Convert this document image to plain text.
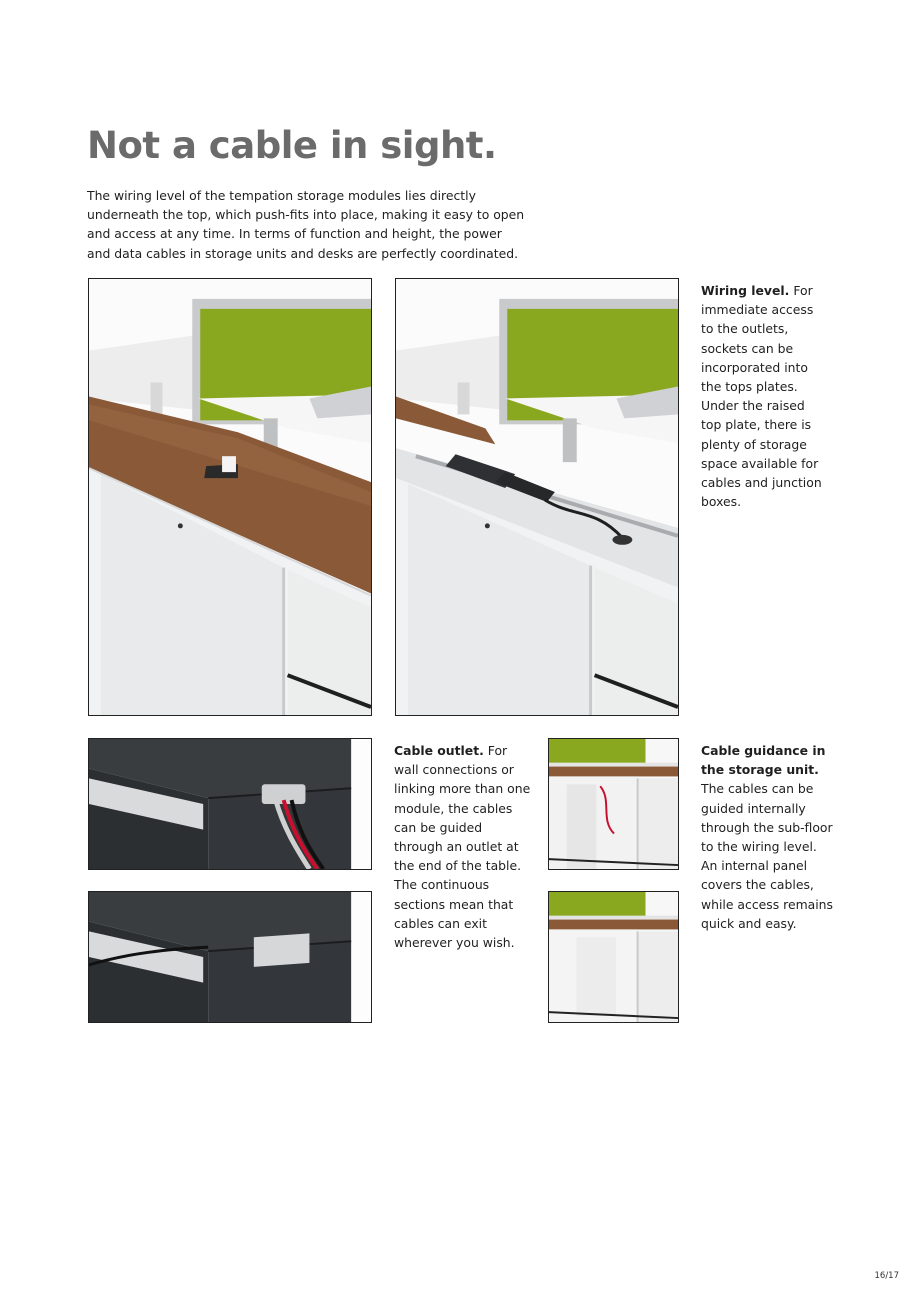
Not a cable in sight.

The wiring level of the tempation storage modules lies directly underneath the top, which push-fits into place, making it easy to open and access at any time. In terms of function and height, the power and data cables in storage units and desks are perfectly coordinated.

Wiring level. For immediate access to the outlets, sockets can be incorporated into the tops plates. Under the raised top plate, there is plenty of storage space available for cables and junction boxes.

Cable outlet. For wall connections or linking more than one module, the cables can be guided through an outlet at the end of the table. The continuous sections mean that cables can exit wherever you wish.

Cable guidance in the storage unit. The cables can be guided internally through the sub-floor to the wiring level. An internal panel covers the cables, while access remains quick and easy.

16/17
